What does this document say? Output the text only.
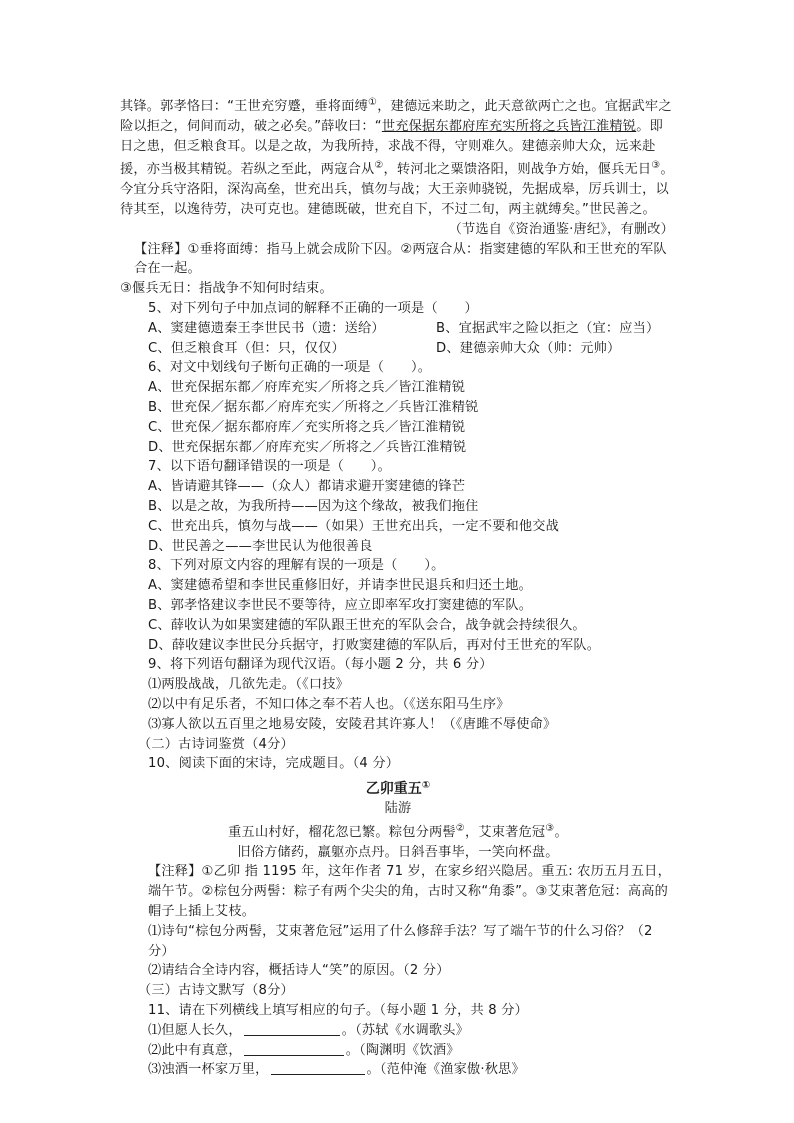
其锋。郭孝恪曰：“王世充穷蹙，垂将面缚①，建德远来助之，此天意欲两亡之也。宜据武牢之险以拒之，伺间而动，破之必矣。”薛收曰：“世充保据东都府库充实所将之兵皆江淮精锐。即日之患，但乏粮食耳。以是之故，为我所持，求战不得，守则难久。建德亲帅大众，远来赴援，亦当极其精锐。若纵之至此，两寇合从②，转河北之粟馈洛阳，则战争方始，偃兵无日③。今宜分兵守洛阳，深沟高垒，世充出兵，慎勿与战；大王亲帅骁锐，先据成皋，厉兵训士，以待其至，以逸待劳，决可克也。建德既破，世充自下，不过二旬，两主就缚矣。”世民善之。

（节选自《资治通鉴·唐纪》，有删改）

【注释】①垂将面缚：指马上就会成阶下囚。②两寇合从：指窦建德的军队和王世充的军队合在一起。

③偃兵无日：指战争不知何时结束。

5、对下列句子中加点词的解释不正确的一项是（　　）

A、窦建德遗秦王李世民书（遗：送给）	B、宜据武牢之险以拒之（宜：应当）
C、但乏粮食耳（但：只，仅仅）	D、建德亲帅大众（帅：元帅）

6、对文中划线句子断句正确的一项是（　　）。

A、世充保据东都／府库充实／所将之兵／皆江淮精锐

B、世充保／据东都／府库充实／所将之／兵皆江淮精锐

C、世充保／据东都府库／充实所将之兵／皆江淮精锐

D、世充保据东都／府库充实／所将之／兵皆江淮精锐

7、以下语句翻译错误的一项是（　　）。

A、皆请避其锋——（众人）都请求避开窦建德的锋芒

B、以是之故，为我所持——因为这个缘故，被我们拖住

C、世充出兵，慎勿与战——（如果）王世充出兵，一定不要和他交战

D、世民善之——李世民认为他很善良

8、下列对原文内容的理解有误的一项是（　　）。

A、窦建德希望和李世民重修旧好，并请李世民退兵和归还土地。

B、郭孝恪建议李世民不要等待，应立即率军攻打窦建德的军队。

C、薛收认为如果窦建德的军队跟王世充的军队会合，战争就会持续很久。

D、薛收建议李世民分兵据守，打败窦建德的军队后，再对付王世充的军队。

9、将下列语句翻译为现代汉语。（每小题 2 分，共 6 分）

⑴两股战战，几欲先走。（《口技》

⑵以中有足乐者，不知口体之奉不若人也。（《送东阳马生序》

⑶寡人欲以五百里之地易安陵，安陵君其许寡人！（《唐雎不辱使命》

（二）古诗词鉴赏（4分）

10、阅读下面的宋诗，完成题目。（4 分）

乙卯重五①

陆游

重五山村好，榴花忽已繁。粽包分两髻②，艾束著危冠③。

旧俗方储药，羸躯亦点丹。日斜吾事毕，一笑向杯盘。

【注释】①乙卯 指 1195 年，这年作者 71 岁，在家乡绍兴隐居。重五: 农历五月五日，端午节。②棕包分两髻：粽子有两个尖尖的角，古时又称“角黍”。③艾束著危冠：高高的帽子上插上艾枝。

⑴诗句“棕包分两髻，艾束著危冠”运用了什么修辞手法？写了端午节的什么习俗？（2 分）

⑵请结合全诗内容，概括诗人“笑”的原因。（2 分）

（三）古诗文默写（8分）

11、请在下列横线上填写相应的句子。（每小题 1 分，共 8 分）

⑴但愿人长久，	。（苏轼《水调歌头》

⑵此中有真意，	。（陶渊明《饮酒》

⑶浊酒一杯家万里，	。（范仲淹《渔家傲·秋思》
